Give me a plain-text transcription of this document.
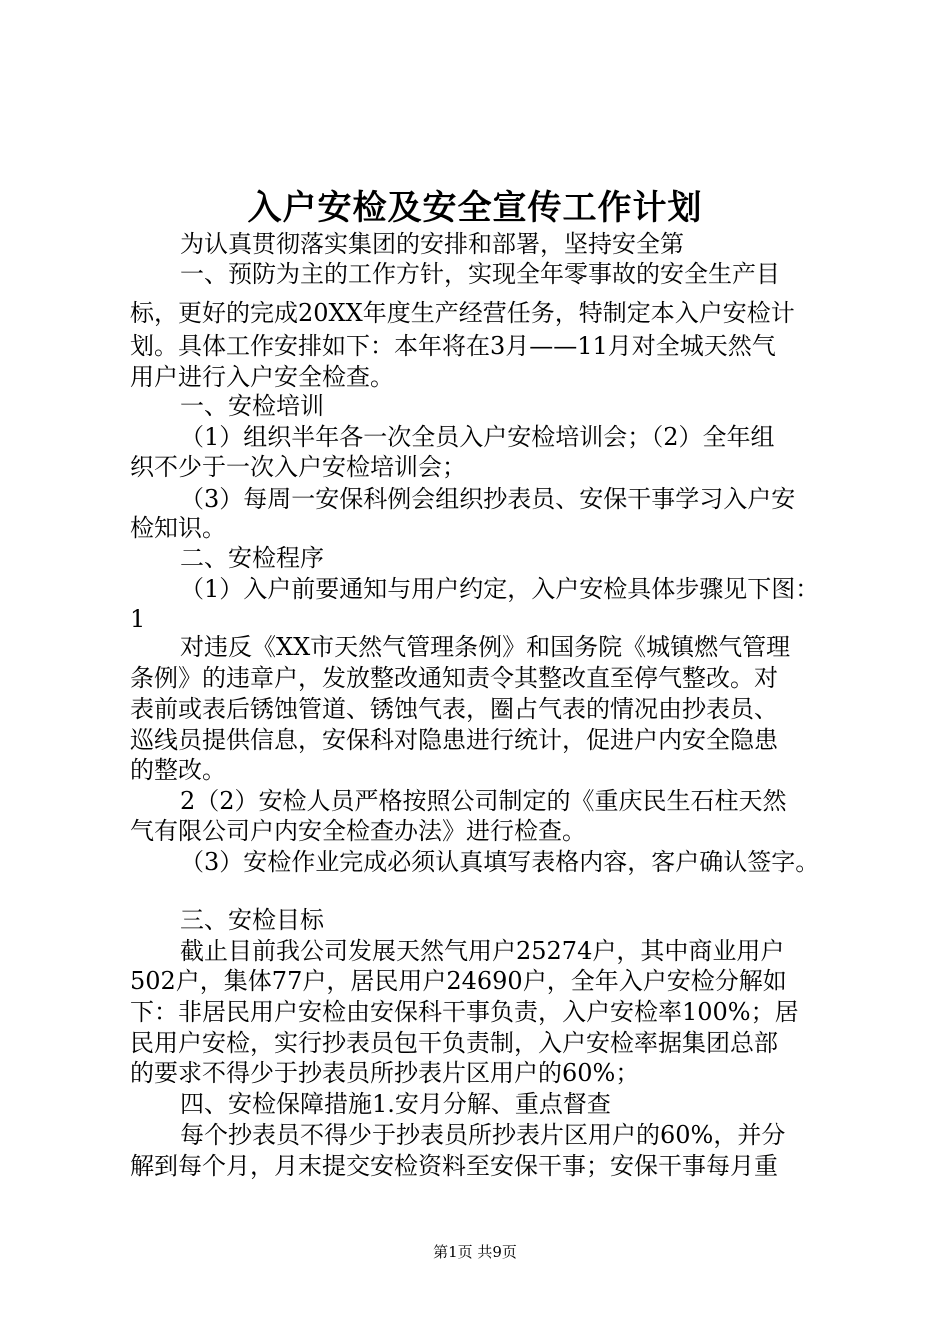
入户安检及安全宣传工作计划
为认真贯彻落实集团的安排和部署，坚持安全第
一、预防为主的工作方针，实现全年零事故的安全生产目
标，更好的完成20XX年度生产经营任务，特制定本入户安检计
划。具体工作安排如下：本年将在3月——11月对全城天然气
用户进行入户安全检查。
一、安检培训
（1）组织半年各一次全员入户安检培训会；（2）全年组
织不少于一次入户安检培训会；
（3）每周一安保科例会组织抄表员、安保干事学习入户安
检知识。
二、安检程序
（1）入户前要通知与用户约定，入户安检具体步骤见下图：
1
对违反《XX市天然气管理条例》和国务院《城镇燃气管理
条例》的违章户，发放整改通知责令其整改直至停气整改。对
表前或表后锈蚀管道、锈蚀气表，圈占气表的情况由抄表员、
巡线员提供信息，安保科对隐患进行统计，促进户内安全隐患
的整改。
2（2）安检人员严格按照公司制定的《重庆民生石柱天然
气有限公司户内安全检查办法》进行检查。
（3）安检作业完成必须认真填写表格内容，客户确认签字。
三、安检目标
截止目前我公司发展天然气用户25274户，其中商业用户
502户，集体77户，居民用户24690户，全年入户安检分解如
下：非居民用户安检由安保科干事负责，入户安检率100%；居
民用户安检，实行抄表员包干负责制，入户安检率据集团总部
的要求不得少于抄表员所抄表片区用户的60%；
四、安检保障措施1.安月分解、重点督查
每个抄表员不得少于抄表员所抄表片区用户的60%，并分
解到每个月，月末提交安检资料至安保干事；安保干事每月重
第1页 共9页
